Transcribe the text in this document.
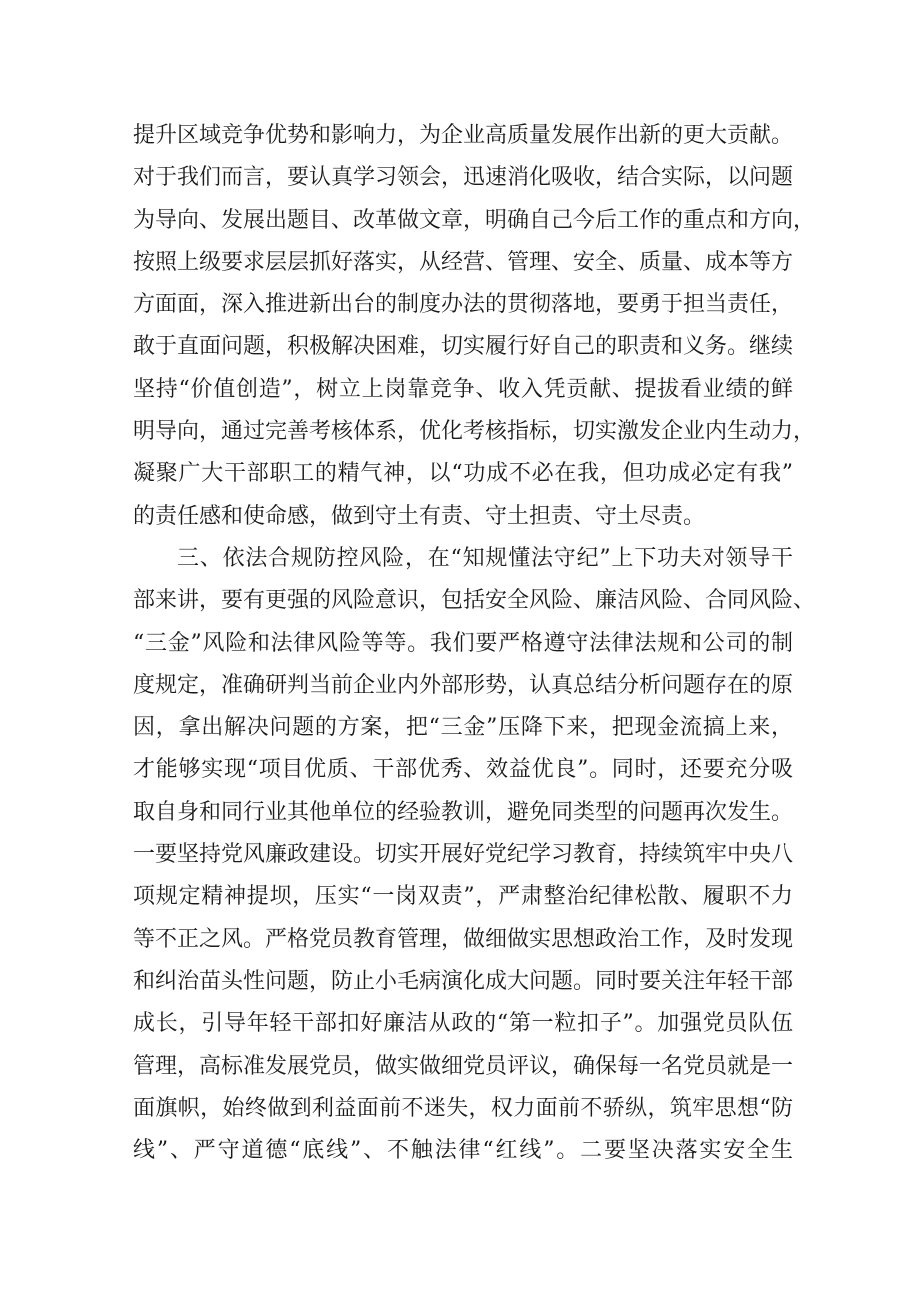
提升区域竞争优势和影响力，为企业高质量发展作出新的更大贡献。
对于我们而言，要认真学习领会，迅速消化吸收，结合实际，以问题
为导向、发展出题目、改革做文章，明确自己今后工作的重点和方向，
按照上级要求层层抓好落实，从经营、管理、安全、质量、成本等方
方面面，深入推进新出台的制度办法的贯彻落地，要勇于担当责任，
敢于直面问题，积极解决困难，切实履行好自己的职责和义务。继续
坚持“价值创造”，树立上岗靠竞争、收入凭贡献、提拔看业绩的鲜
明导向，通过完善考核体系，优化考核指标，切实激发企业内生动力，
凝聚广大干部职工的精气神，以“功成不必在我，但功成必定有我”
的责任感和使命感，做到守土有责、守土担责、守土尽责。
三、依法合规防控风险，在“知规懂法守纪”上下功夫对领导干
部来讲，要有更强的风险意识，包括安全风险、廉洁风险、合同风险、
“三金”风险和法律风险等等。我们要严格遵守法律法规和公司的制
度规定，准确研判当前企业内外部形势，认真总结分析问题存在的原
因，拿出解决问题的方案，把“三金”压降下来，把现金流搞上来，
才能够实现“项目优质、干部优秀、效益优良”。同时，还要充分吸
取自身和同行业其他单位的经验教训，避免同类型的问题再次发生。
一要坚持党风廉政建设。切实开展好党纪学习教育，持续筑牢中央八
项规定精神提坝，压实“一岗双责”，严肃整治纪律松散、履职不力
等不正之风。严格党员教育管理，做细做实思想政治工作，及时发现
和纠治苗头性问题，防止小毛病演化成大问题。同时要关注年轻干部
成长，引导年轻干部扣好廉洁从政的“第一粒扣子”。加强党员队伍
管理，高标准发展党员，做实做细党员评议，确保每一名党员就是一
面旗帜，始终做到利益面前不迷失，权力面前不骄纵，筑牢思想“防
线”、严守道德“底线”、不触法律“红线”。二要坚决落实安全生
